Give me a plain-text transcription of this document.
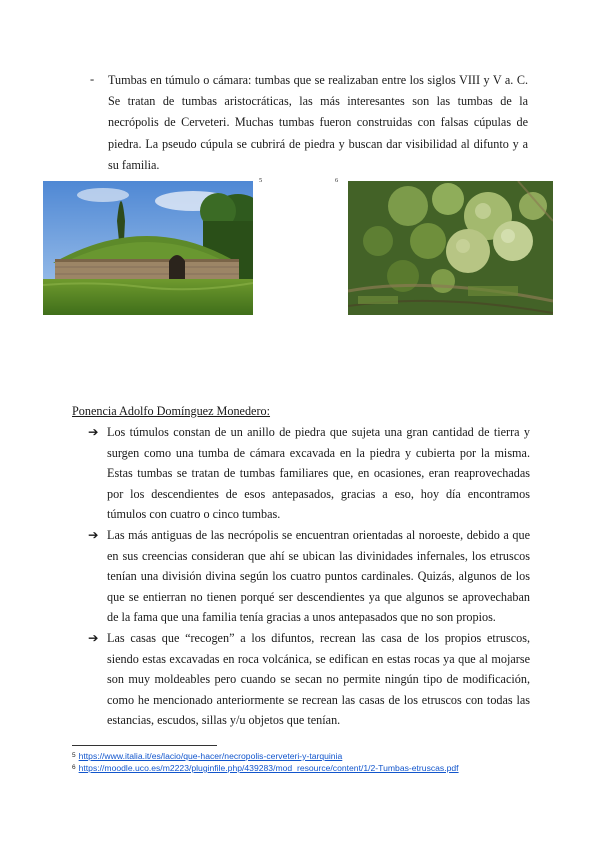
- Tumbas en túmulo o cámara: tumbas que se realizaban entre los siglos VIII y V a. C. Se tratan de tumbas aristocráticas, las más interesantes son las tumbas de la necrópolis de Cerveteri. Muchas tumbas fueron construidas con falsas cúpulas de piedra. La pseudo cúpula se cubrirá de piedra y buscan dar visibilidad al difunto y a su familia.
5	6
Ponencia Adolfo Domínguez Monedero:
➔ Los túmulos constan de un anillo de piedra que sujeta una gran cantidad de tierra y surgen como una tumba de cámara excavada en la piedra y cubierta por la misma. Estas tumbas se tratan de tumbas familiares que, en ocasiones, eran reaprovechadas por los descendientes de esos antepasados, gracias a eso, hoy día encontramos túmulos con cuatro o cinco tumbas.
➔ Las más antiguas de las necrópolis se encuentran orientadas al noroeste, debido a que en sus creencias consideran que ahí se ubican las divinidades infernales, los etruscos tenían una división divina según los cuatro puntos cardinales. Quizás, algunos de los que se entierran no tienen porqué ser descendientes ya que algunos se aprovechaban de la fama que una familia tenía gracias a unos antepasados que no son propios.
➔ Las casas que “recogen” a los difuntos, recrean las casa de los propios etruscos, siendo estas excavadas en roca volcánica, se edifican en estas rocas ya que al mojarse son muy moldeables pero cuando se secan no permite ningún tipo de modificación, como he mencionado anteriormente se recrean las casas de los etruscos con todas las estancias, escudos, sillas y/u objetos que tenían.
$^5$ https://www.italia.it/es/lacio/que-hacer/necropolis-cerveteri-y-tarquinia
$^6$ https://moodle.uco.es/m2223/pluginfile.php/439283/mod_resource/content/1/2-Tumbas-etruscas.pdf
